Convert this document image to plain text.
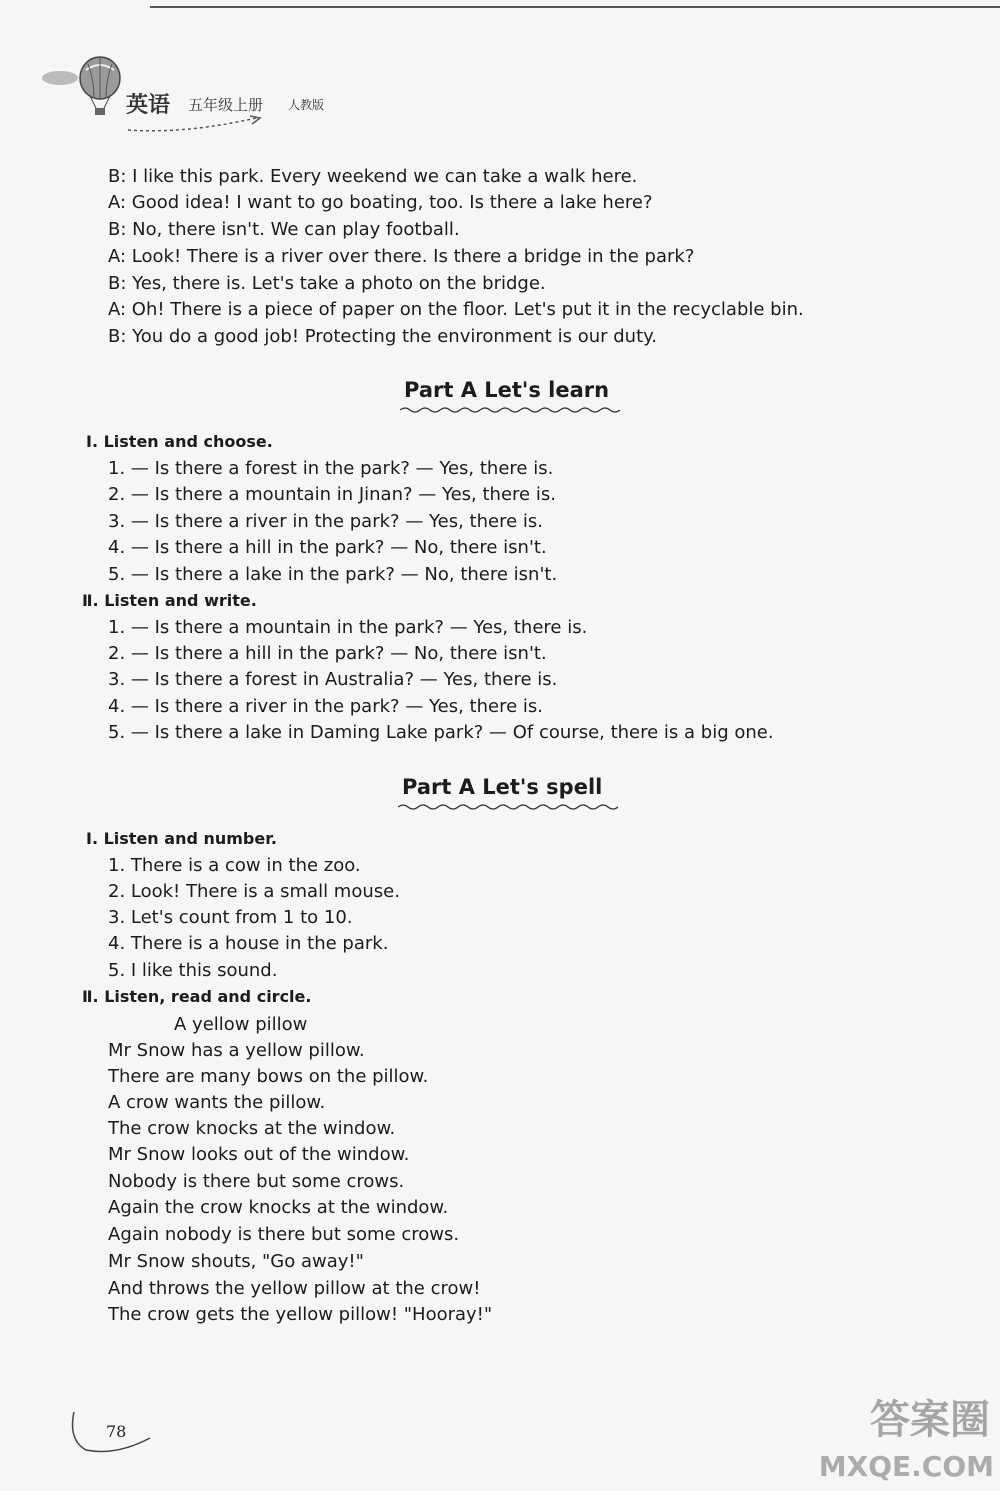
英语 五年级上册 人教版
B: I like this park. Every weekend we can take a walk here.
A: Good idea! I want to go boating, too. Is there a lake here?
B: No, there isn't. We can play football.
A: Look! There is a river over there. Is there a bridge in the park?
B: Yes, there is. Let's take a photo on the bridge.
A: Oh! There is a piece of paper on the floor. Let's put it in the recyclable bin.
B: You do a good job! Protecting the environment is our duty.
Part A Let's learn
Ⅰ. Listen and choose.
1. — Is there a forest in the park? — Yes, there is.
2. — Is there a mountain in Jinan? — Yes, there is.
3. — Is there a river in the park? — Yes, there is.
4. — Is there a hill in the park? — No, there isn't.
5. — Is there a lake in the park? — No, there isn't.
Ⅱ. Listen and write.
1. — Is there a mountain in the park? — Yes, there is.
2. — Is there a hill in the park? — No, there isn't.
3. — Is there a forest in Australia? — Yes, there is.
4. — Is there a river in the park? — Yes, there is.
5. — Is there a lake in Daming Lake park? — Of course, there is a big one.
Part A Let's spell
Ⅰ. Listen and number.
1. There is a cow in the zoo.
2. Look! There is a small mouse.
3. Let's count from 1 to 10.
4. There is a house in the park.
5. I like this sound.
Ⅱ. Listen, read and circle.
A yellow pillow
Mr Snow has a yellow pillow.
There are many bows on the pillow.
A crow wants the pillow.
The crow knocks at the window.
Mr Snow looks out of the window.
Nobody is there but some crows.
Again the crow knocks at the window.
Again nobody is there but some crows.
Mr Snow shouts, "Go away!"
And throws the yellow pillow at the crow!
The crow gets the yellow pillow! "Hooray!"
78	答案圈
MXQE.COM
